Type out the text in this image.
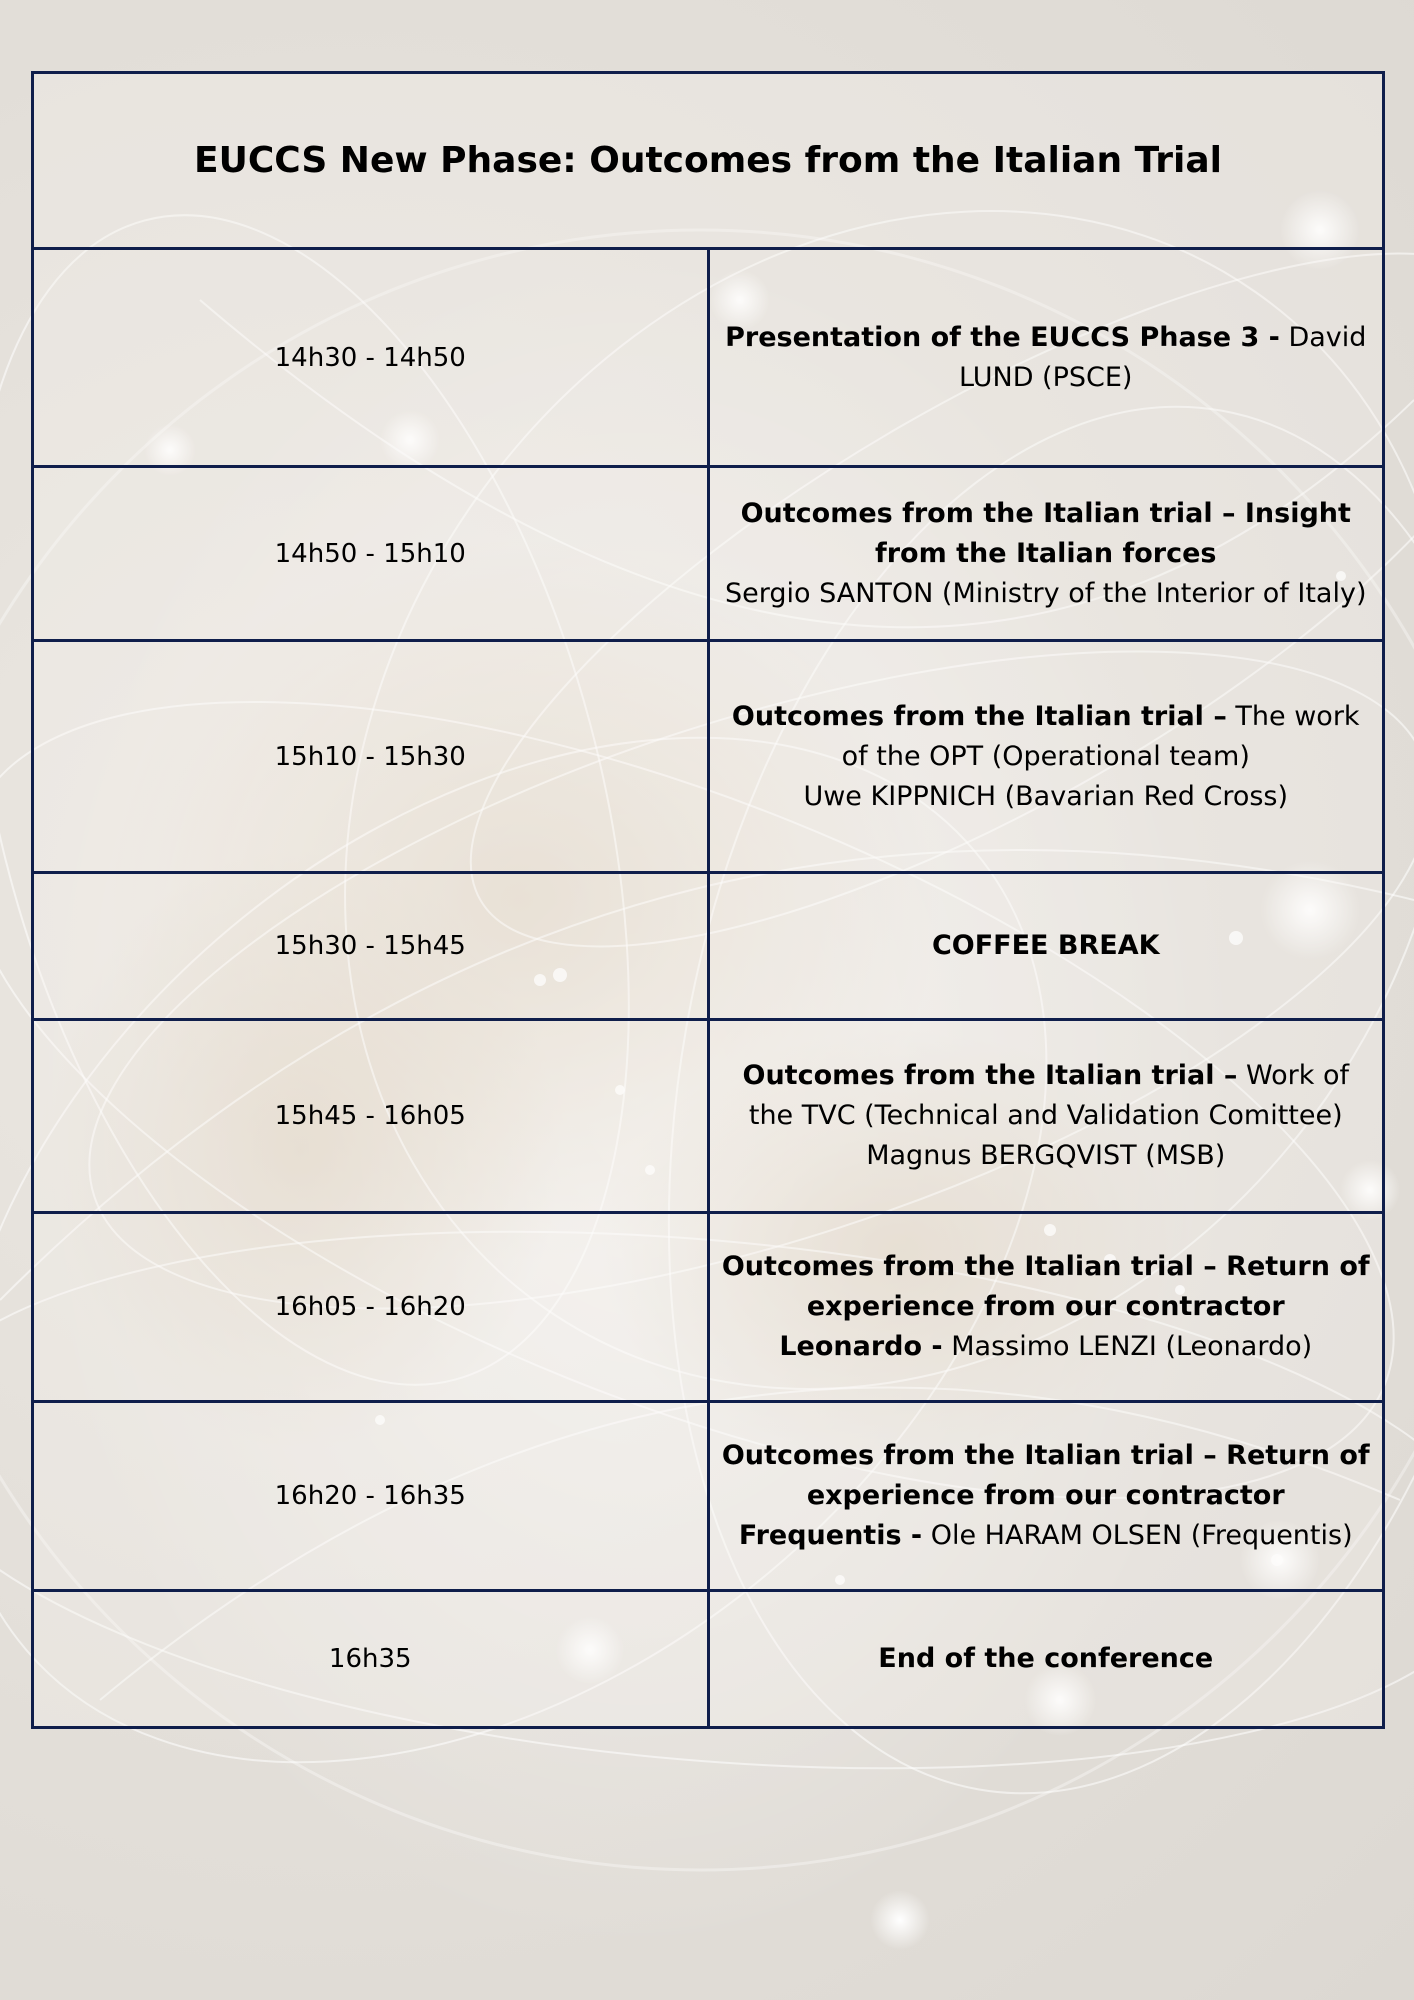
EUCCS New Phase: Outcomes from the Italian Trial	
14h30 - 14h50	Presentation of the EUCCS Phase 3 - David LUND (PSCE)

14h50 - 15h10	Outcomes from the Italian trial – Insight from the Italian forces
Sergio SANTON (Ministry of the Interior of Italy)

15h10 - 15h30	Outcomes from the Italian trial – The work of the OPT (Operational team)
Uwe KIPPNICH (Bavarian Red Cross)

15h30 - 15h45	COFFEE BREAK

15h45 - 16h05	Outcomes from the Italian trial – Work of the TVC (Technical and Validation Comittee)
Magnus BERGQVIST (MSB)

16h05 - 16h20	Outcomes from the Italian trial – Return of experience from our contractor
Leonardo - Massimo LENZI (Leonardo)

16h20 - 16h35	Outcomes from the Italian trial – Return of experience from our contractor
Frequentis - Ole HARAM OLSEN (Frequentis)

16h35	End of the conference
